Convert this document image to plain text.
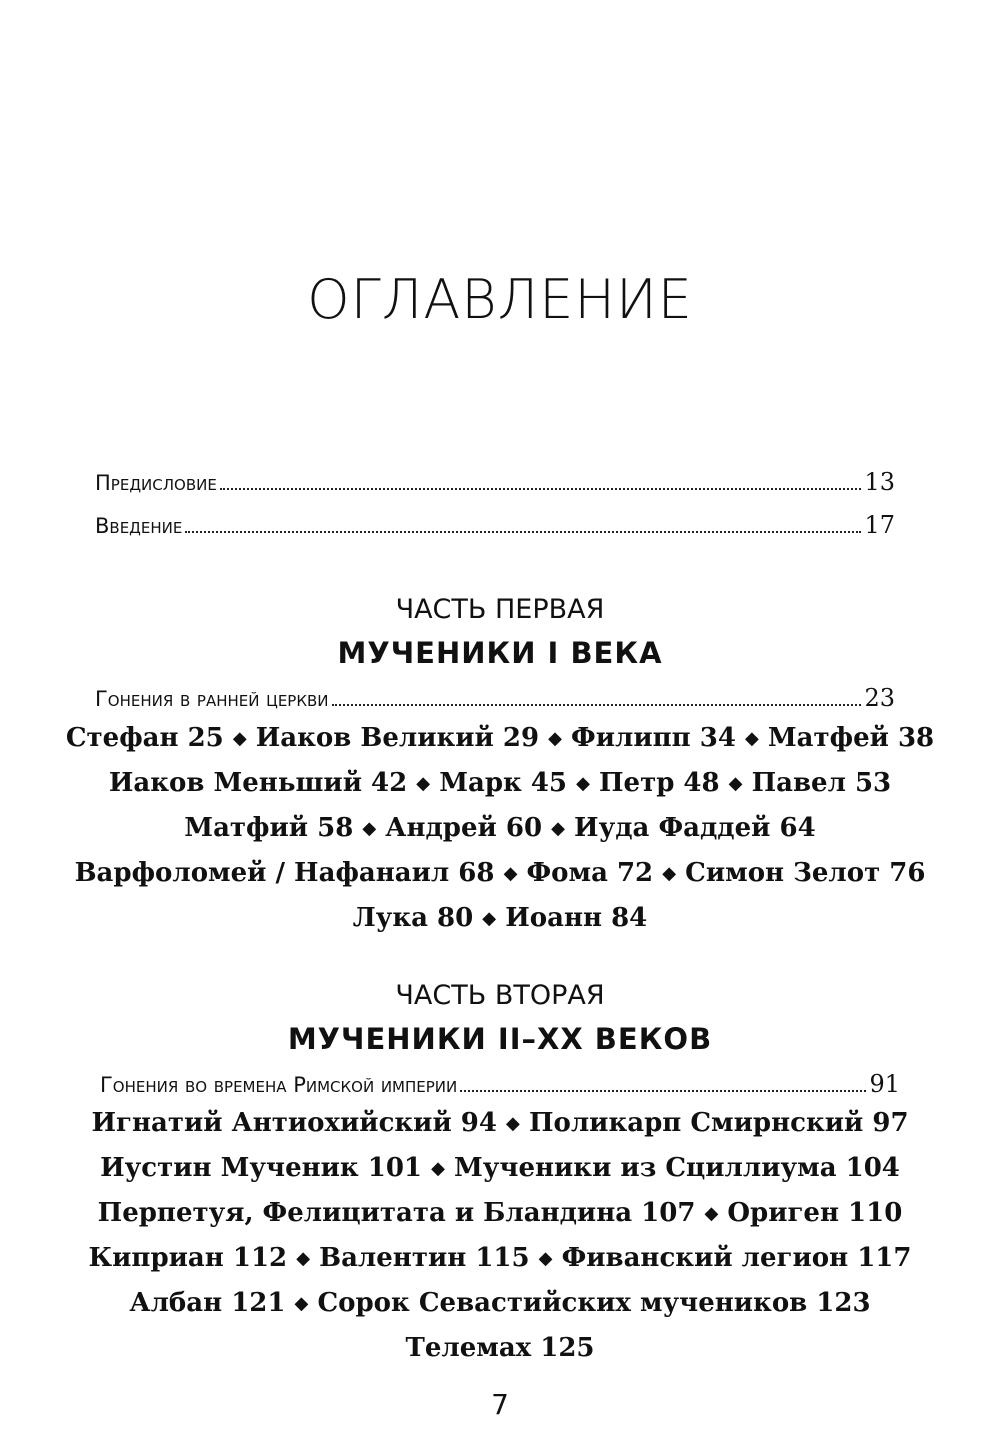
ОГЛАВЛЕНИЕ
Предисловие	13
Введение	17
ЧАСТЬ ПЕРВАЯ
МУЧЕНИКИ I ВЕКА
Гонения в ранней церкви	23
Стефан 25 ◆ Иаков Великий 29 ◆ Филипп 34 ◆ Матфей 38
Иаков Меньший 42 ◆ Марк 45 ◆ Петр 48 ◆ Павел 53
Матфий 58 ◆ Андрей 60 ◆ Иуда Фаддей 64
Варфоломей / Нафанаил 68 ◆ Фома 72 ◆ Симон Зелот 76
Лука 80 ◆ Иоанн 84
ЧАСТЬ ВТОРАЯ
МУЧЕНИКИ II–XX ВЕКОВ
Гонения во времена Римской империи	91
Игнатий Антиохийский 94 ◆ Поликарп Смирнский 97
Иустин Мученик 101 ◆ Мученики из Сциллиума 104
Перпетуя, Фелицитата и Бландина 107 ◆ Ориген 110
Киприан 112 ◆ Валентин 115 ◆ Фиванский легион 117
Албан 121 ◆ Сорок Севастийских мучеников 123
Телемах 125
7
